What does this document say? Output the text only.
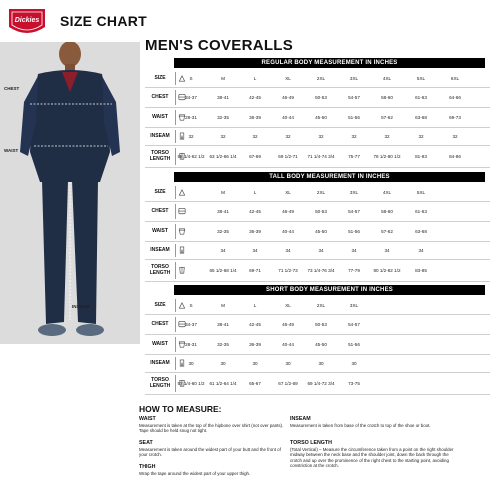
Dickies SIZE CHART
CHEST
WAIST
INSEAM
MEN'S COVERALLS
REGULAR BODY MEASUREMENT IN INCHES
SIZE	S	M	L	XL	2XL	3XL	4XL	5XL	6XL
CHEST	34-37	38-41	42-45	46-49	50-53	54-57	58-60	61-63	64-66
WAIST	28-31	32-35	36-39	40-44	45-50	51-56	57-62	63-68	69-73
INSEAM	32	32	32	32	32	32	32	32	32
TORSO LENGTH	58 1/4-62 1/2	63 1/2-66 1/4	67-69	69 1/2-71	71 1/4-74 3/4	75-77	78 1/2-80 1/2	81-83	84-86
TALL BODY MEASUREMENT IN INCHES
SIZE	M	L	XL	2XL	3XL	4XL	5XL
CHEST	38-41	42-45	46-49	50-53	54-57	58-60	61-63
WAIST	32-35	36-39	40-44	45-50	51-56	57-62	63-68
INSEAM	34	34	34	34	34	34	34
TORSO LENGTH	65 1/2-68 1/4	69-71	71 1/2-73	73 1/4-76 3/4	77-79	80 1/2-82 1/2	83-85
SHORT BODY MEASUREMENT IN INCHES
SIZE	S	M	L	XL	2XL	3XL
CHEST	34-37	38-41	42-45	46-49	50-53	54-57
WAIST	28-31	32-35	36-39	40-44	45-50	51-56
INSEAM	30	30	30	30	30	30
TORSO LENGTH	57 1/4-60 1/2	61 1/2-64 1/4	65-67	67 1/2-69	69 1/4-72 3/4	73-75
HOW TO MEASURE:
WAIST
Measurement is taken at the top of the hipbone over shirt (not over pants). Tape should be held snug not tight.
SEAT
Measurement is taken around the widest part of your butt and the front of your crotch.
THIGH
Wrap the tape around the widest part of your upper thigh.
INSEAM
Measurement is taken from base of the crotch to top of the shoe or boot.
TORSO LENGTH
(Total Vertical) – Measure the circumference taken from a point on the right shoulder midway between the neck base and the shoulder joint, down the back through the crotch and up over the prominence of the right chest to the starting point, avoiding constriction at the crotch.
